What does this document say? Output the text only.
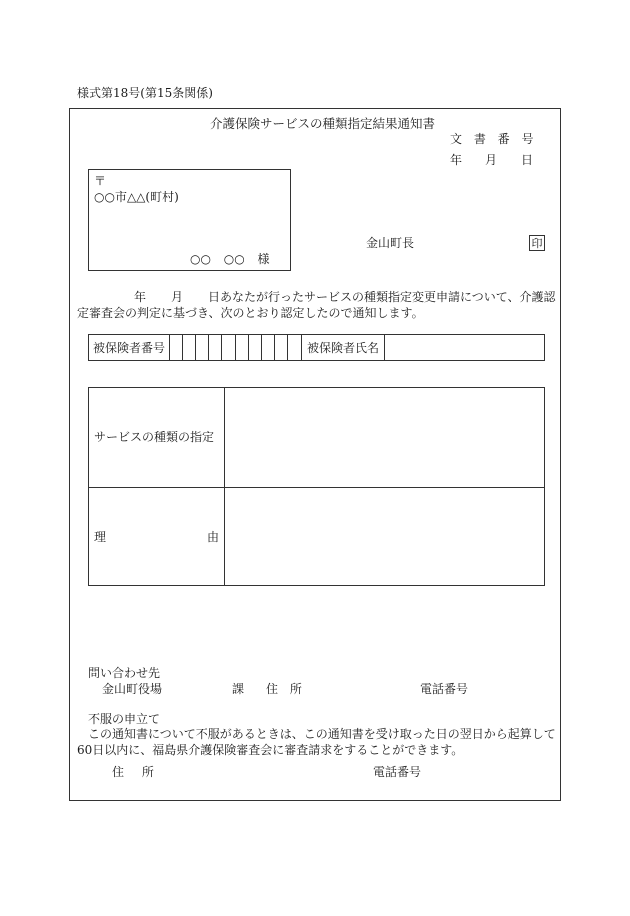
様式第18号(第15条関係)
介護保険サービスの種類指定結果通知書
文 書 番 号
年 月 日
〒
○○市△△(町村)
○○ ○○ 様
金山町長	印
年 月 日あなたが行ったサービスの種類指定変更申請について、介護認
定審査会の判定に基づき、次のとおり認定したので通知します。
被保険者番号	被保険者氏名
サービスの種類の指定
理	由
問い合わせ先
金山町役場	課 住 所	電話番号
不服の申立て
この通知書について不服があるときは、この通知書を受け取った日の翌日から起算して
60日以内に、福島県介護保険審査会に審査請求をすることができます。
住 所	電話番号
